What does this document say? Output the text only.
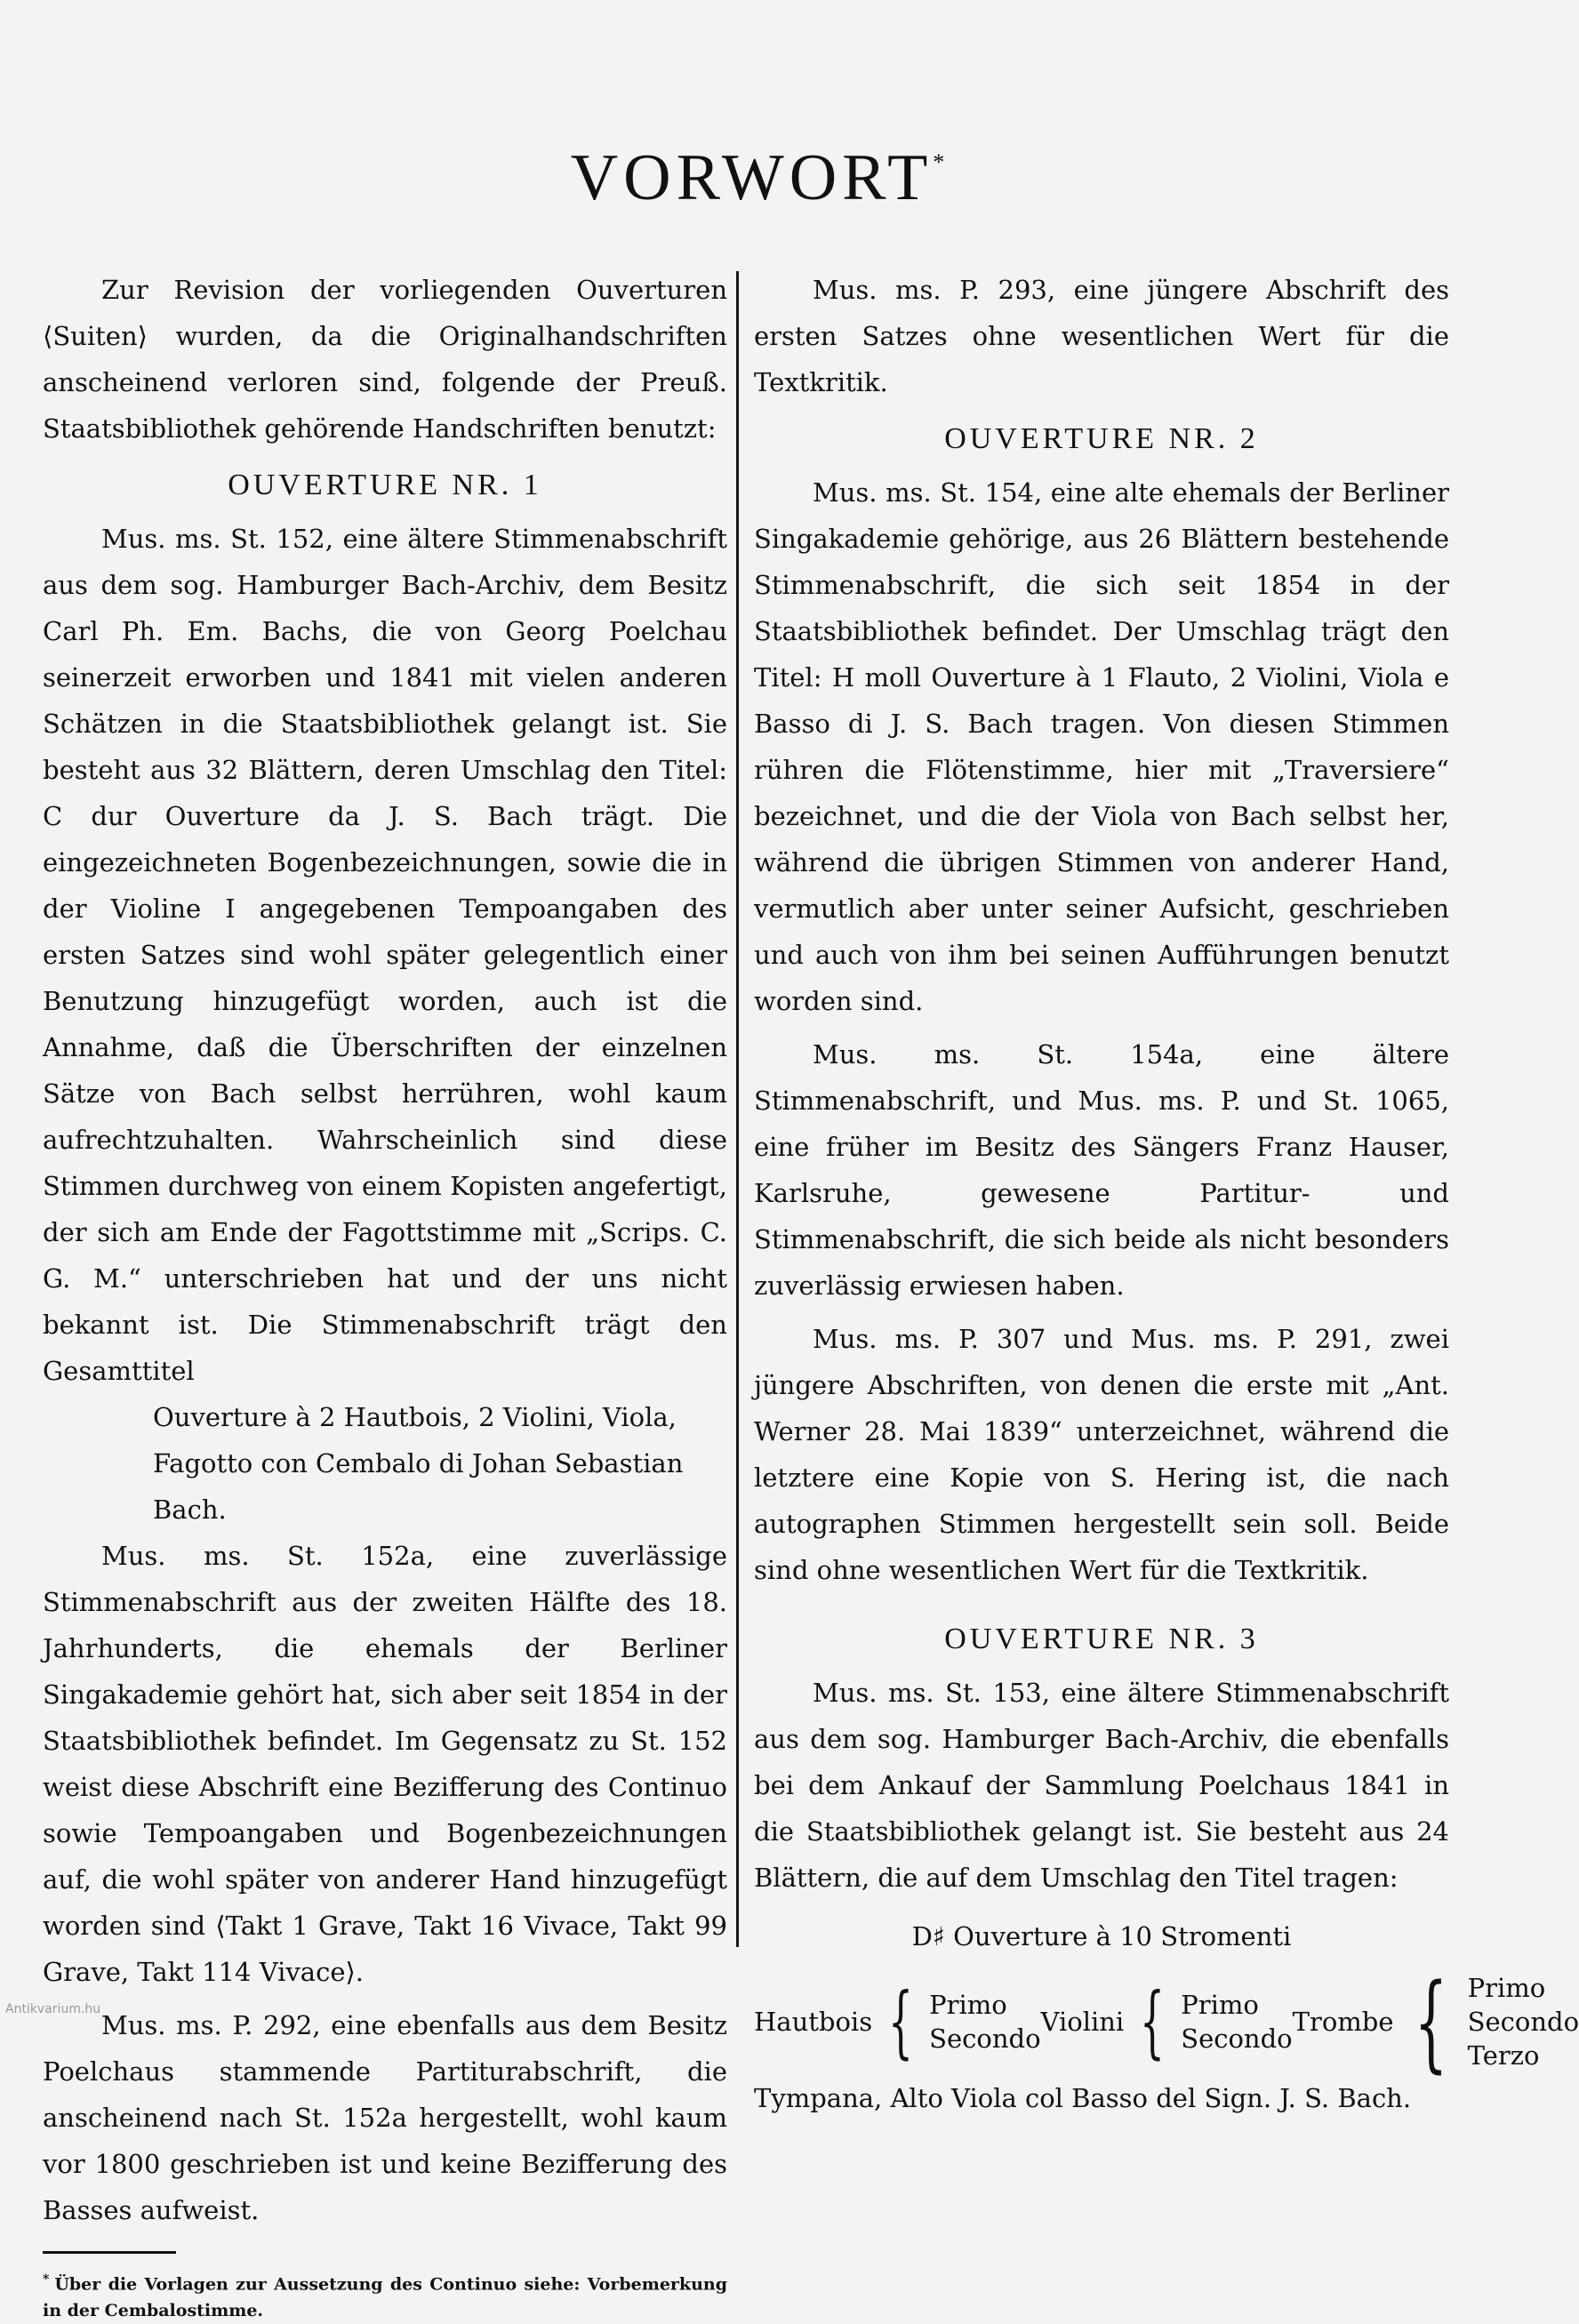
VORWORT*

Zur Revision der vorliegenden Ouverturen ⟨Suiten⟩ wurden, da die Originalhandschriften anscheinend verloren sind, folgende der Preuß. Staatsbibliothek gehörende Handschriften benutzt:

OUVERTURE NR. 1

Mus. ms. St. 152, eine ältere Stimmenabschrift aus dem sog. Hamburger Bach-Archiv, dem Besitz Carl Ph. Em. Bachs, die von Georg Poelchau seinerzeit erworben und 1841 mit vielen anderen Schätzen in die Staatsbibliothek gelangt ist. Sie besteht aus 32 Blättern, deren Umschlag den Titel: C dur Ouverture da J. S. Bach trägt. Die eingezeichneten Bogenbezeichnungen, sowie die in der Violine I angegebenen Tempoangaben des ersten Satzes sind wohl später gelegentlich einer Benutzung hinzugefügt worden, auch ist die Annahme, daß die Überschriften der einzelnen Sätze von Bach selbst herrühren, wohl kaum aufrechtzuhalten. Wahrscheinlich sind diese Stimmen durchweg von einem Kopisten angefertigt, der sich am Ende der Fagottstimme mit „Scrips. C. G. M.“ unterschrieben hat und der uns nicht bekannt ist. Die Stimmenabschrift trägt den Gesamttitel

Ouverture à 2 Hautbois, 2 Violini, Viola,
Fagotto con Cembalo di Johan Sebastian Bach.

Mus. ms. St. 152a, eine zuverlässige Stimmenabschrift aus der zweiten Hälfte des 18. Jahrhunderts, die ehemals der Berliner Singakademie gehört hat, sich aber seit 1854 in der Staatsbibliothek befindet. Im Gegensatz zu St. 152 weist diese Abschrift eine Bezifferung des Continuo sowie Tempoangaben und Bogenbezeichnungen auf, die wohl später von anderer Hand hinzugefügt worden sind ⟨Takt 1 Grave, Takt 16 Vivace, Takt 99 Grave, Takt 114 Vivace⟩.

Mus. ms. P. 292, eine ebenfalls aus dem Besitz Poelchaus stammende Partiturabschrift, die anscheinend nach St. 152a hergestellt, wohl kaum vor 1800 geschrieben ist und keine Bezifferung des Basses aufweist.

* Über die Vorlagen zur Aussetzung des Continuo siehe: Vorbemerkung in der Cembalostimme.

Mus. ms. P. 293, eine jüngere Abschrift des ersten Satzes ohne wesentlichen Wert für die Textkritik.

OUVERTURE NR. 2

Mus. ms. St. 154, eine alte ehemals der Berliner Singakademie gehörige, aus 26 Blättern bestehende Stimmenabschrift, die sich seit 1854 in der Staatsbibliothek befindet. Der Umschlag trägt den Titel: H moll Ouverture à 1 Flauto, 2 Violini, Viola e Basso di J. S. Bach tragen. Von diesen Stimmen rühren die Flötenstimme, hier mit „Traversiere“ bezeichnet, und die der Viola von Bach selbst her, während die übrigen Stimmen von anderer Hand, vermutlich aber unter seiner Aufsicht, geschrieben und auch von ihm bei seinen Aufführungen benutzt worden sind.

Mus. ms. St. 154a, eine ältere Stimmenabschrift, und Mus. ms. P. und St. 1065, eine früher im Besitz des Sängers Franz Hauser, Karlsruhe, gewesene Partitur- und Stimmenabschrift, die sich beide als nicht besonders zuverlässig erwiesen haben.

Mus. ms. P. 307 und Mus. ms. P. 291, zwei jüngere Abschriften, von denen die erste mit „Ant. Werner 28. Mai 1839“ unterzeichnet, während die letztere eine Kopie von S. Hering ist, die nach autographen Stimmen hergestellt sein soll. Beide sind ohne wesentlichen Wert für die Textkritik.

OUVERTURE NR. 3

Mus. ms. St. 153, eine ältere Stimmenabschrift aus dem sog. Hamburger Bach-Archiv, die ebenfalls bei dem Ankauf der Sammlung Poelchaus 1841 in die Staatsbibliothek gelangt ist. Sie besteht aus 24 Blättern, die auf dem Umschlag den Titel tragen:

D♯ Ouverture à 10 Stromenti
Hautbois { Primo
Secondo
Violini { Primo
Secondo
Trombe { Primo
Secondo
Terzo

Tympana, Alto Viola col Basso del Sign. J. S. Bach.

Antikvarium.hu
